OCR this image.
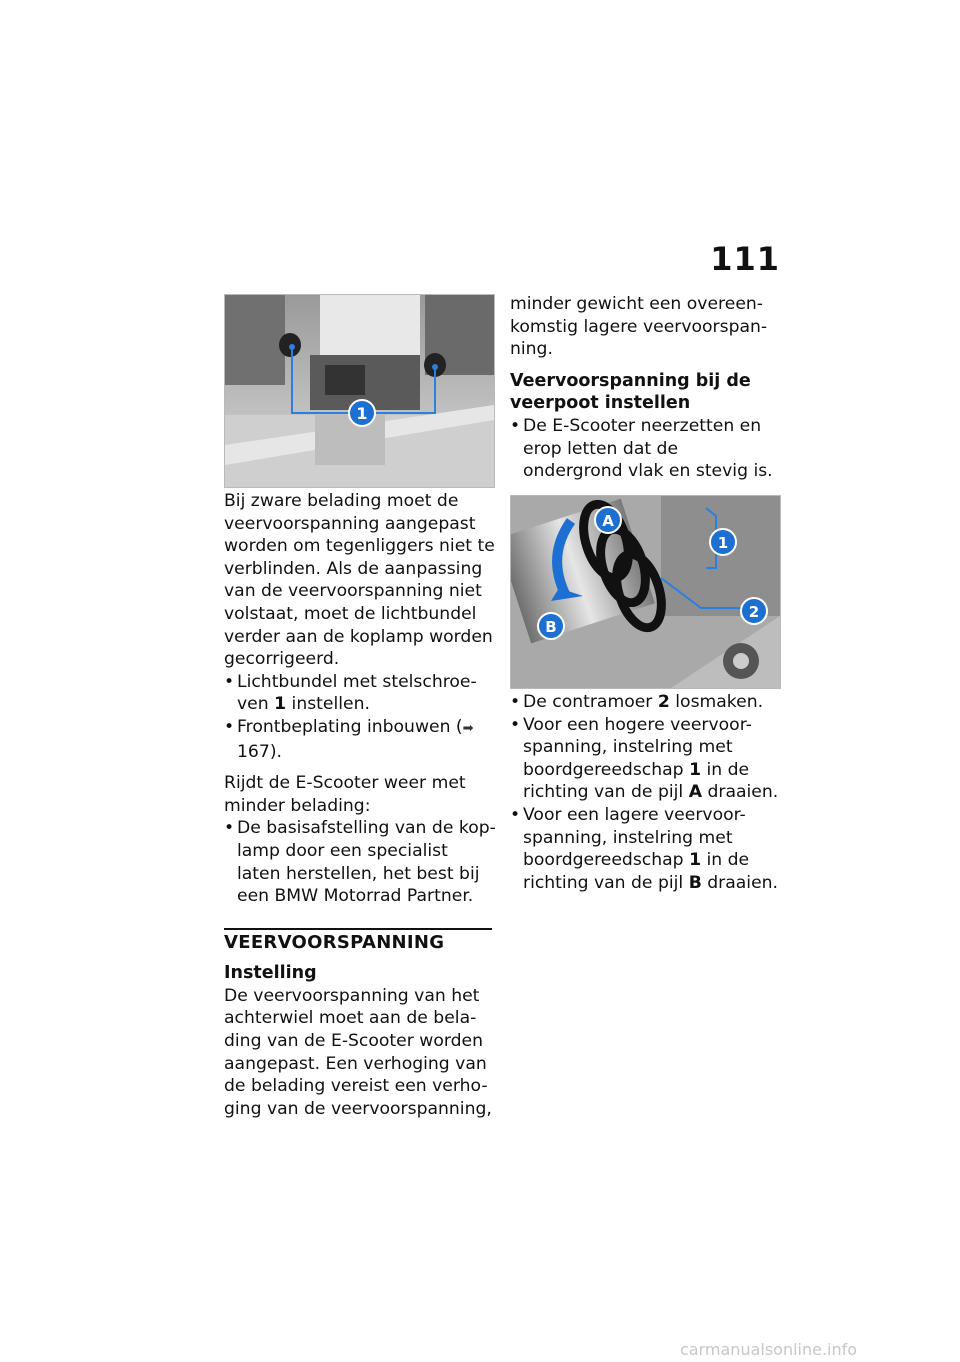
111
1

Bij zware belading moet de veervoorspanning aangepast worden om tegenliggers niet te verblinden. Als de aanpassing van de veervoorspanning niet volstaat, moet de lichtbundel verder aan de koplamp worden gecorrigeerd.

• Lichtbundel met stelschroe-ven 1 instellen.

• Frontbeplating inbouwen (➡ 167).

Rijdt de E-Scooter weer met minder belading:

• De basisafstelling van de kop-lamp door een specialist laten herstellen, het best bij een BMW Motorrad Partner.

VEERVOORSPANNING

Instelling

De veervoorspanning van het achterwiel moet aan de bela-ding van de E-Scooter worden aangepast. Een verhoging van de belading vereist een verho-ging van de veervoorspanning,

minder gewicht een overeen-komstig lagere veervoorspan-ning.

Veervoorspanning bij de veerpoot instellen

• De E-Scooter neerzetten en erop letten dat de ondergrond vlak en stevig is.

A
1
2
B

• De contramoer 2 losmaken.

• Voor een hogere veervoor-spanning, instelring met boordgereedschap 1 in de richting van de pijl A draaien.

• Voor een lagere veervoor-spanning, instelring met boordgereedschap 1 in de richting van de pijl B draaien.

carmanualsonline.info
